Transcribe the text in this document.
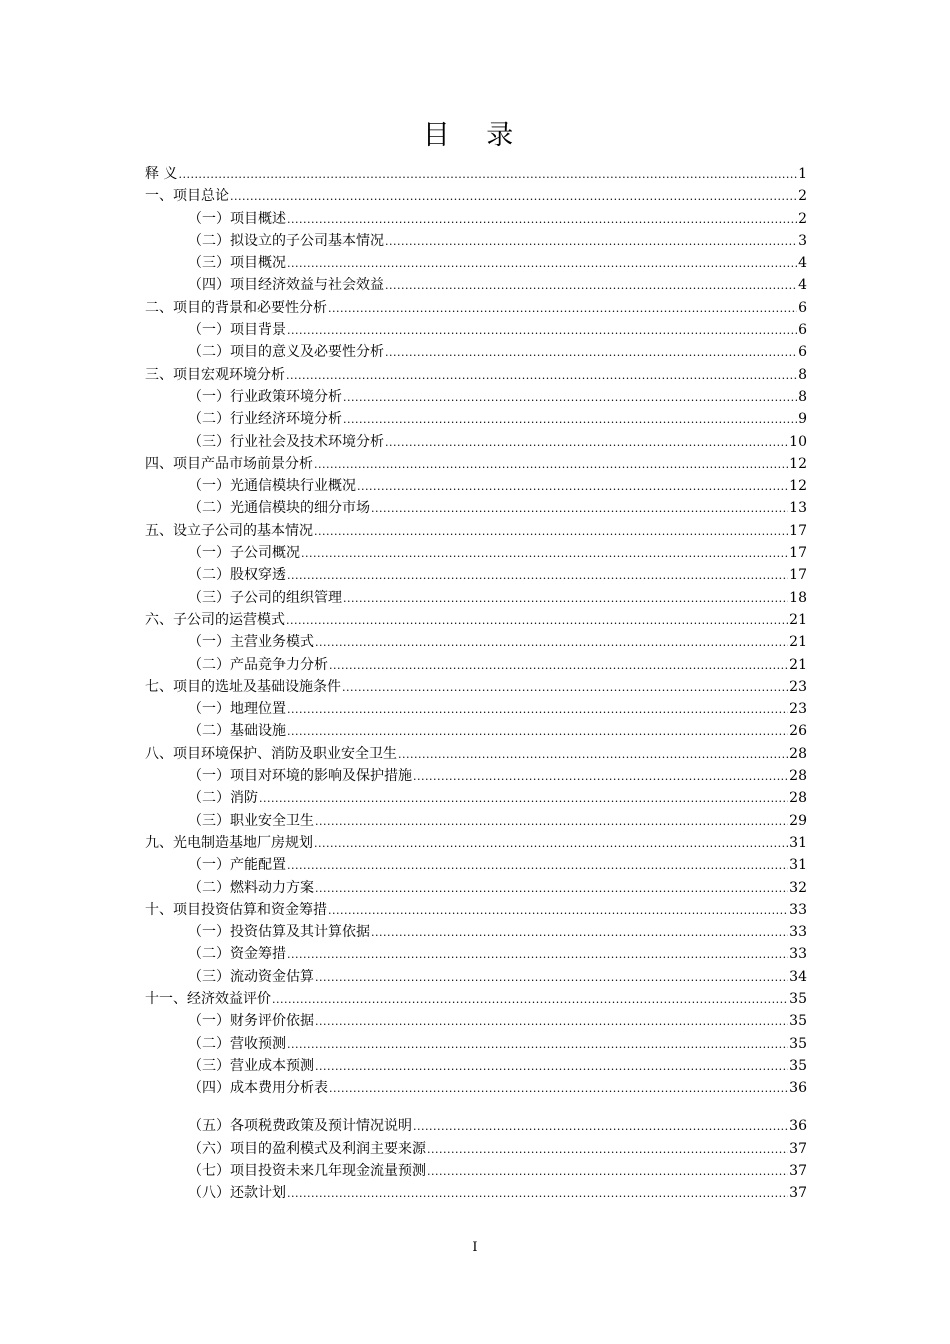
目 录
释 义 .....	1
一、项目总论 .....	2
（一）项目概述 .....	2
（二）拟设立的子公司基本情况 .....	3
（三）项目概况 .....	4
（四）项目经济效益与社会效益 .....	4
二、项目的背景和必要性分析 .....	6
（一）项目背景 .....	6
（二）项目的意义及必要性分析 .....	6
三、项目宏观环境分析 .....	8
（一）行业政策环境分析 .....	8
（二）行业经济环境分析 .....	9
（三）行业社会及技术环境分析 .....	10
四、项目产品市场前景分析 .....	12
（一）光通信模块行业概况 .....	12
（二）光通信模块的细分市场 .....	13
五、设立子公司的基本情况 .....	17
（一）子公司概况 .....	17
（二）股权穿透 .....	17
（三）子公司的组织管理 .....	18
六、子公司的运营模式 .....	21
（一）主营业务模式 .....	21
（二）产品竞争力分析 .....	21
七、项目的选址及基础设施条件 .....	23
（一）地理位置 .....	23
（二）基础设施 .....	26
八、项目环境保护、消防及职业安全卫生 .....	28
（一）项目对环境的影响及保护措施 .....	28
（二）消防 .....	28
（三）职业安全卫生 .....	29
九、光电制造基地厂房规划 .....	31
（一）产能配置 .....	31
（二）燃料动力方案 .....	32
十、项目投资估算和资金筹措 .....	33
（一）投资估算及其计算依据 .....	33
（二）资金筹措 .....	33
（三）流动资金估算 .....	34
十一、经济效益评价 .....	35
（一）财务评价依据 .....	35
（二）营收预测 .....	35
（三）营业成本预测 .....	35
（四）成本费用分析表 .....	36
（五）各项税费政策及预计情况说明 .....	36
（六）项目的盈利模式及利润主要来源 .....	37
（七）项目投资未来几年现金流量预测 .....	37
（八）还款计划 .....	37
I
